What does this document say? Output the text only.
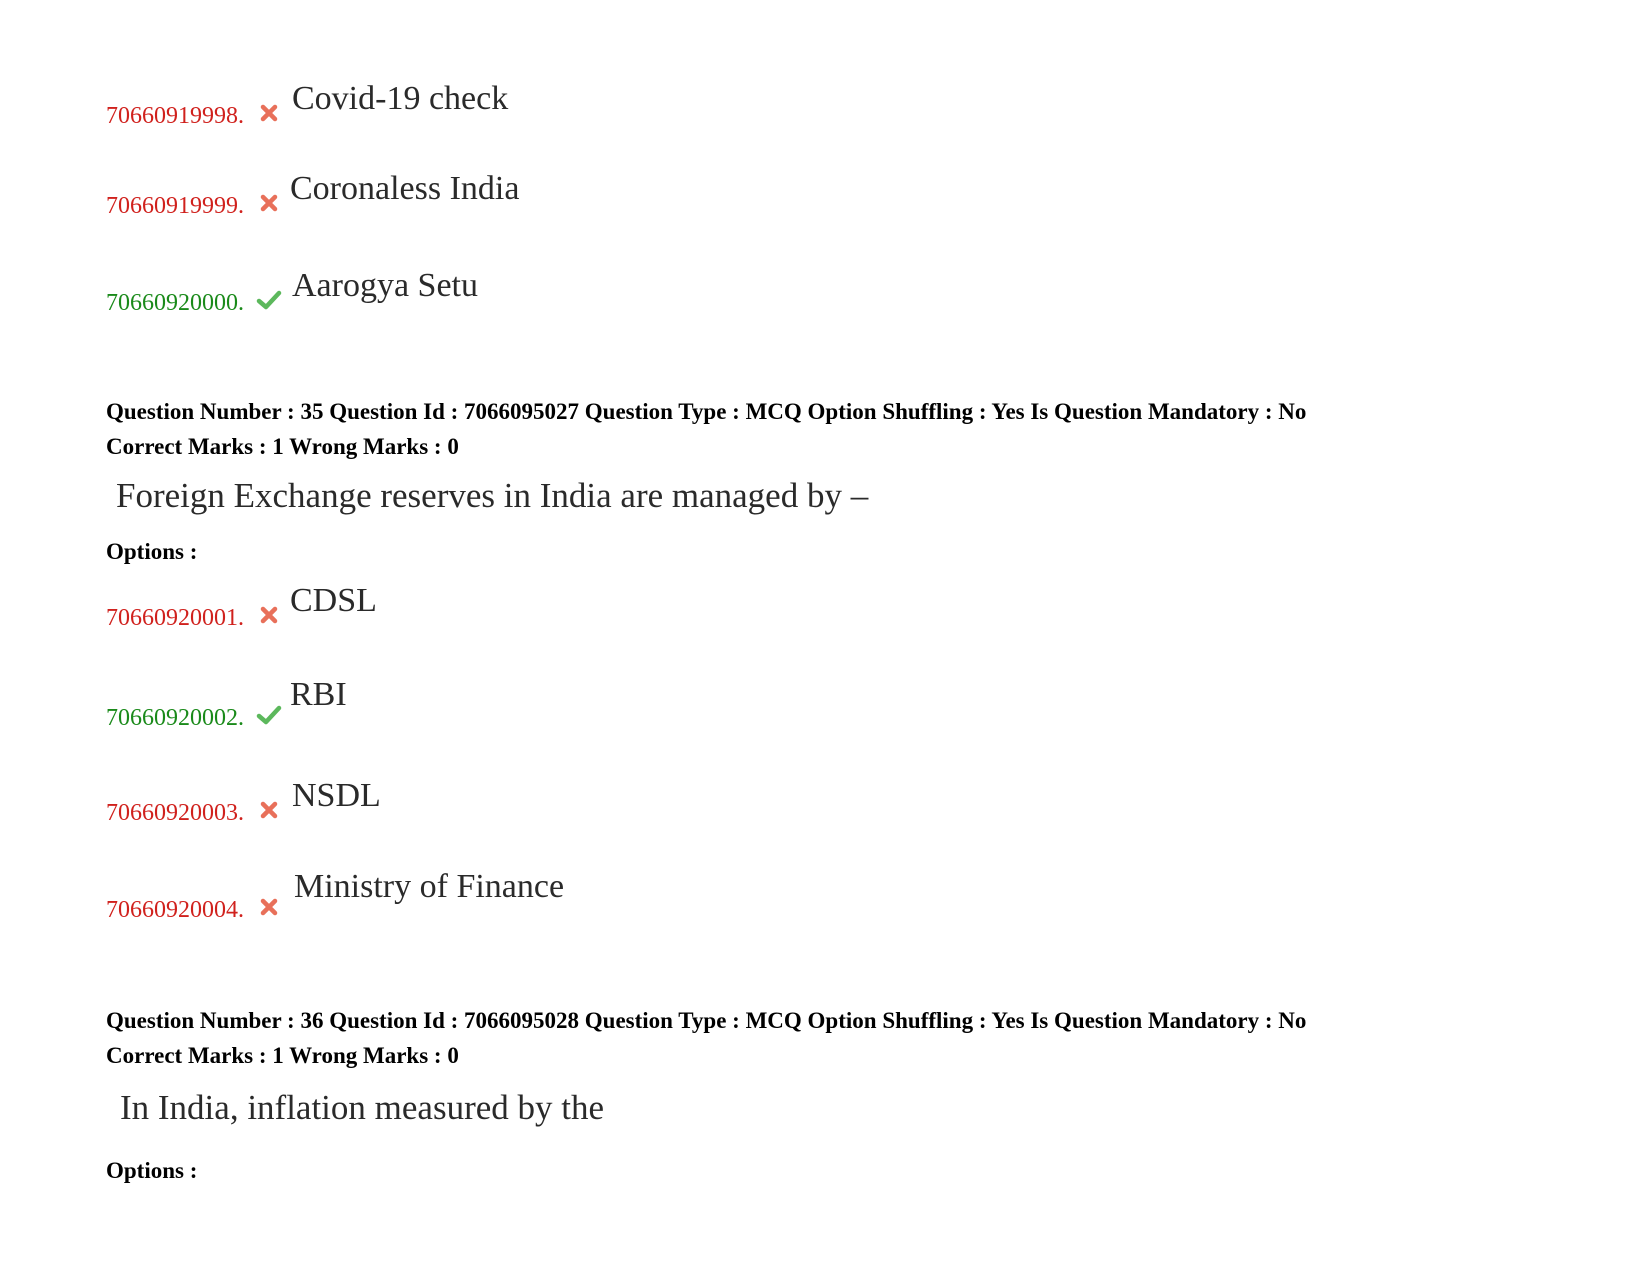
70660919998. Covid-19 check
70660919999. Coronaless India
70660920000. Aarogya Setu
Question Number : 35 Question Id : 7066095027 Question Type : MCQ Option Shuffling : Yes Is Question Mandatory : No
Correct Marks : 1 Wrong Marks : 0
Foreign Exchange reserves in India are managed by –
Options :
70660920001. CDSL
70660920002.
RBI
70660920003. NSDL
70660920004.
Ministry of Finance
Question Number : 36 Question Id : 7066095028 Question Type : MCQ Option Shuffling : Yes Is Question Mandatory : No
Correct Marks : 1 Wrong Marks : 0
In India, inflation measured by the
Options :
